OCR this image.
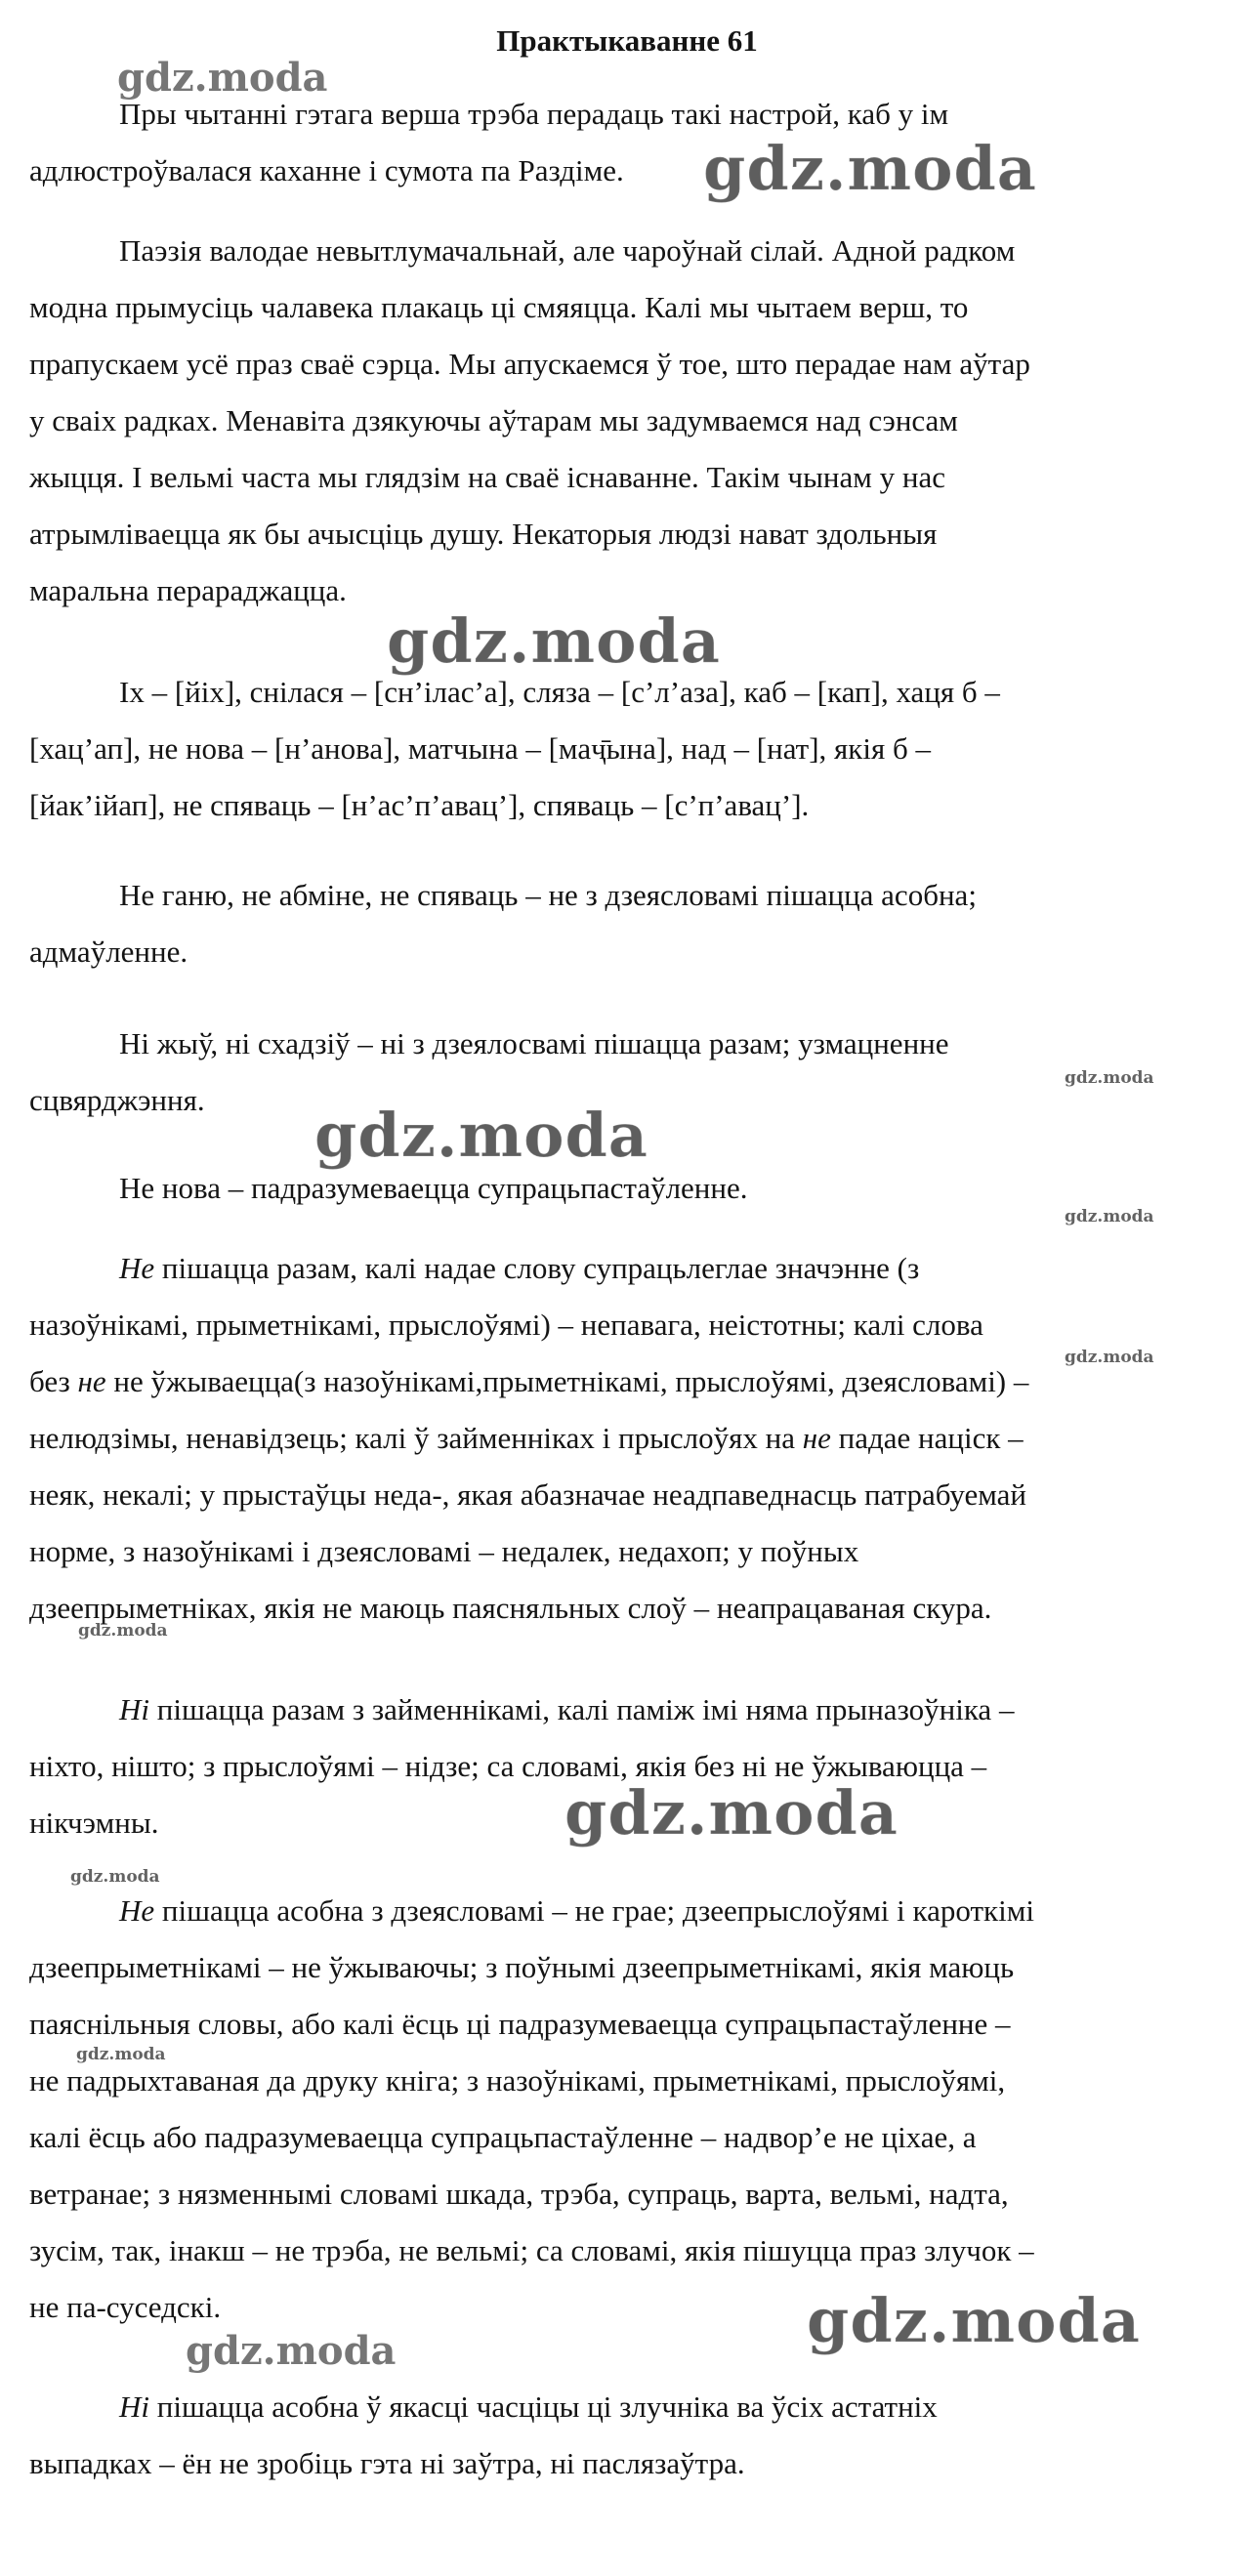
Практыкаванне 61
Пры чытанні гэтага верша трэба перадаць такі настрой, каб у ім
адлюстроўвалася каханне і сумота па Раздіме.
Паэзія валодае невытлумачальнай, але чароўнай сілай. Адной радком
модна прымусіць чалавека плакаць ці смяяцца. Калі мы чытаем верш, то
прапускаем усё праз сваё сэрца. Мы апускаемся ў тое, што перадае нам аўтар
у сваіх радках. Менавіта дзякуючы аўтарам мы задумваемся над сэнсам
жыцця. І вельмі часта мы глядзім на сваё існаванне. Такім чынам у нас
атрымліваецца як бы ачысціць душу. Некаторыя людзі нават здольныя
маральна перараджацца.
Іх – [йіх], снілася – [сн’ілас’а], сляза – [с’л’аза], каб – [кап], хаця б –
[хац’ап], не нова – [н’анова], матчына – [маҷ̄ына], над – [нат], якія б –
[йак’ійап], не спяваць – [н’ас’п’авац’], спяваць – [с’п’авац’].
Не ганю, не абміне, не спяваць – не з дзеясловамі пішацца асобна;
адмаўленне.
Ні жыў, ні схадзіў – ні з дзеялосвамі пішацца разам; узмацненне
сцвярджэння.
Не нова – падразумеваецца супрацьпастаўленне.
Не пішацца разам, калі надае слову супрацьлеглае значэнне (з
назоўнікамі, прыметнікамі, прыслоўямі) – непавага, неістотны; калі слова
без не не ўжываецца(з назоўнікамі,прыметнікамі, прыслоўямі, дзеясловамі) –
нелюдзімы, ненавідзець; калі ў займенніках і прыслоўях на не падае націск –
неяк, некалі; у прыстаўцы неда-, якая абазначае неадпаведнасць патрабуемай
норме, з назоўнікамі і дзеясловамі – недалек, недахоп; у поўных
дзеепрыметніках, якія не маюць паясняльных слоў – неапрацаваная скура.
Ні пішацца разам з займеннікамі, калі паміж імі няма прыназоўніка –
ніхто, нішто; з прыслоўямі – нідзе; са словамі, якія без ні не ўжываюцца –
нікчэмны.
Не пішацца асобна з дзеясловамі – не грае; дзеепрыслоўямі і кароткімі
дзеепрыметнікамі – не ўжываючы; з поўнымі дзеепрыметнікамі, якія маюць
паяснільныя словы, або калі ёсць ці падразумеваецца супрацьпастаўленне –
не падрыхтаваная да друку кніга; з назоўнікамі, прыметнікамі, прыслоўямі,
калі ёсць або падразумеваецца супрацьпастаўленне – надвор’е не ціхае, а
ветранае; з нязменнымі словамі шкада, трэба, супраць, варта, вельмі, надта,
зусім, так, інакш – не трэба, не вельмі; са словамі, якія пішуцца праз злучок –
не па-суседскі.
Ні пішацца асобна ў якасці часціцы ці злучніка ва ўсіх астатніх
выпадках – ён не зробіць гэта ні заўтра, ні паслязаўтра.
gdz.moda
gdz.moda
gdz.moda
gdz.moda
gdz.moda
gdz.moda
gdz.moda
gdz.moda
gdz.moda
gdz.moda
gdz.moda
gdz.moda
gdz.moda
